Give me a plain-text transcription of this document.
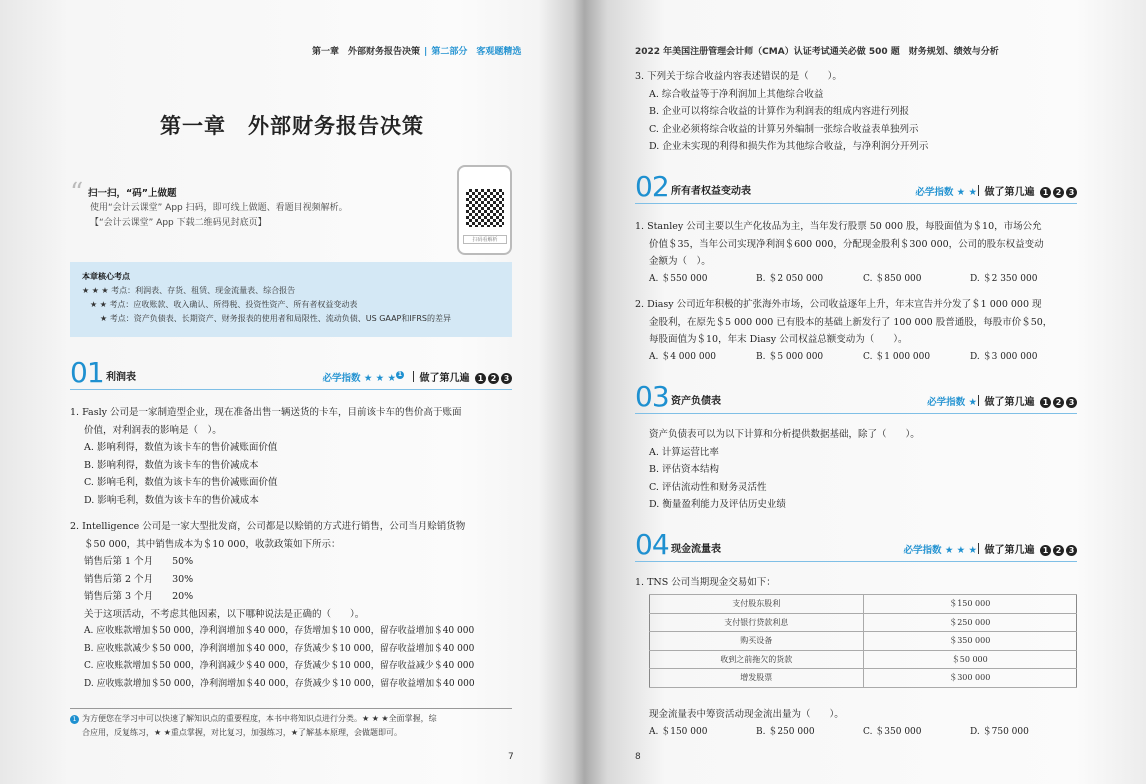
第一章　外部财务报告决策 | 第二部分　客观题精选
第一章　外部财务报告决策
“ 扫一扫，“码”上做题
使用“会计云课堂” App 扫码，即可线上做题、看题目视频解析。
【“会计云课堂” App 下载二维码见封底页】
扫码看解析
本章核心考点
★ ★ ★ 考点：利润表、存货、租赁、现金流量表、综合报告
★ ★ 考点：应收账款、收入确认、所得税、投资性资产、所有者权益变动表
★ 考点：资产负债表、长期资产、财务报表的使用者和局限性、流动负债、US GAAP和IFRS的差异
01 利润表	必学指数 ★ ★ ★ 1	做了第几遍 1 2 3
1. Fasly 公司是一家制造型企业，现在准备出售一辆送货的卡车，目前该卡车的售价高于账面
价值，对利润表的影响是（　）。
A. 影响利得，数值为该卡车的售价减账面价值
B. 影响利得，数值为该卡车的售价减成本
C. 影响毛利，数值为该卡车的售价减账面价值
D. 影响毛利，数值为该卡车的售价减成本
2. Intelligence 公司是一家大型批发商，公司都是以赊销的方式进行销售，公司当月赊销货物
＄50 000，其中销售成本为＄10 000，收款政策如下所示：
销售后第 1 个月　　50%
销售后第 2 个月　　30%
销售后第 3 个月　　20%
关于这项活动，不考虑其他因素，以下哪种说法是正确的（　　）。
A. 应收账款增加＄50 000，净利润增加＄40 000，存货增加＄10 000，留存收益增加＄40 000
B. 应收账款减少＄50 000，净利润增加＄40 000，存货减少＄10 000，留存收益增加＄40 000
C. 应收账款增加＄50 000，净利润减少＄40 000，存货减少＄10 000，留存收益减少＄40 000
D. 应收账款增加＄50 000，净利润增加＄40 000，存货减少＄10 000，留存收益增加＄40 000
1 为方便您在学习中可以快速了解知识点的重要程度，本书中将知识点进行分类。★ ★ ★全面掌握，综
合应用，反复练习，★ ★重点掌握，对比复习，加强练习，★了解基本原理，会做题即可。
7
2022 年美国注册管理会计师（CMA）认证考试通关必做 500 题　财务规划、绩效与分析
3. 下列关于综合收益内容表述错误的是（　　）。
A. 综合收益等于净利润加上其他综合收益
B. 企业可以将综合收益的计算作为利润表的组成内容进行列报
C. 企业必须将综合收益的计算另外编制一张综合收益表单独列示
D. 企业未实现的利得和损失作为其他综合收益，与净利润分开列示
02 所有者权益变动表	必学指数 ★ ★ 做了第几遍 1 2 3
1. Stanley 公司主要以生产化妆品为主，当年发行股票 50 000 股，每股面值为＄10，市场公允
价值＄35，当年公司实现净利润＄600 000，分配现金股利＄300 000，公司的股东权益变动
金额为（　）。
A. ＄550 000	B. ＄2 050 000	C. ＄850 000	D. ＄2 350 000
2. Diasy 公司近年积极的扩张海外市场，公司收益逐年上升，年末宣告并分发了＄1 000 000 现
金股利，在原先＄5 000 000 已有股本的基础上新发行了 100 000 股普通股，每股市价＄50，
每股面值为＄10，年末 Diasy 公司权益总额变动为（　　）。
A. ＄4 000 000	B. ＄5 000 000	C. ＄1 000 000	D. ＄3 000 000
03 资产负债表	必学指数 ★ 做了第几遍 1 2 3
资产负债表可以为以下计算和分析提供数据基础，除了（　　）。
A. 计算运营比率
B. 评估资本结构
C. 评估流动性和财务灵活性
D. 衡量盈利能力及评估历史业绩
04 现金流量表	必学指数 ★ ★ ★ 做了第几遍 1 2 3
1. TNS 公司当期现金交易如下：
支付股东股利	＄150 000
支付银行贷款利息	＄250 000
购买设备	＄350 000
收到之前拖欠的货款	＄50 000
增发股票	＄300 000
现金流量表中筹资活动现金流出量为（　　）。
A. ＄150 000	B. ＄250 000	C. ＄350 000	D. ＄750 000
8
